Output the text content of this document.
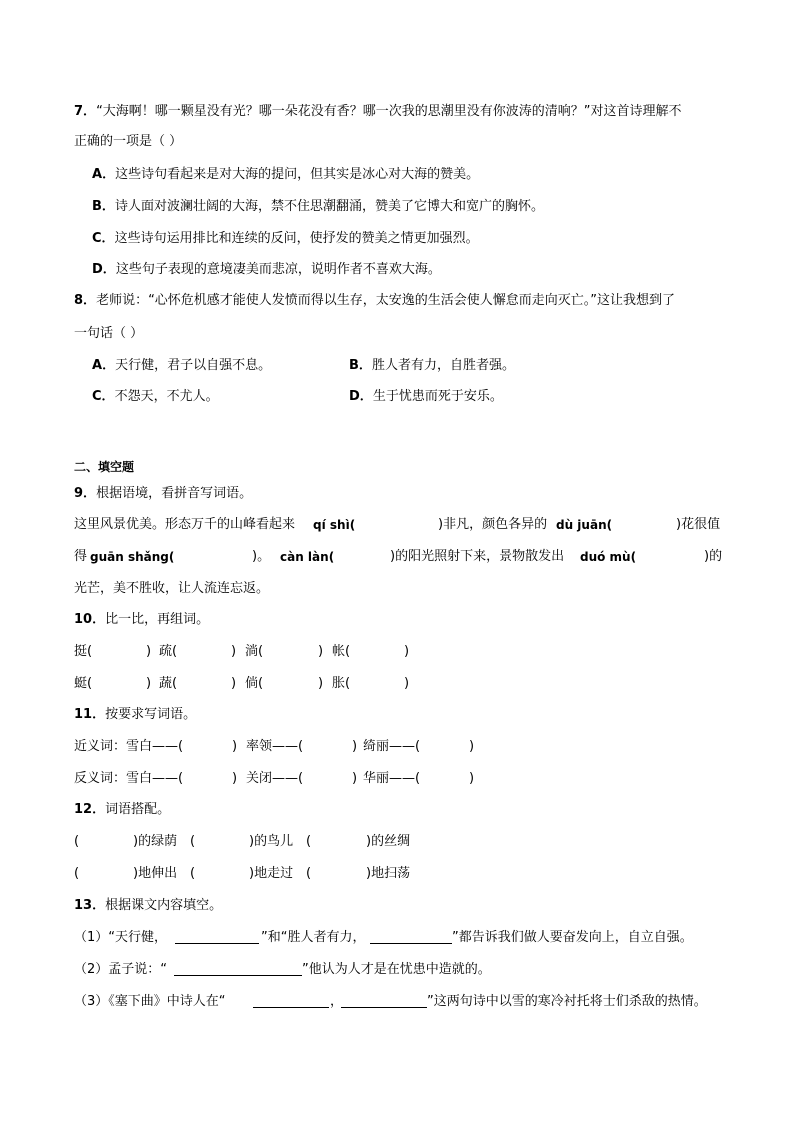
7．“大海啊！哪一颗星没有光？哪一朵花没有香？哪一次我的思潮里没有你波涛的清响？”对这首诗理解不
正确的一项是（ ）
A．这些诗句看起来是对大海的提问，但其实是冰心对大海的赞美。
B．诗人面对波澜壮阔的大海，禁不住思潮翻涌，赞美了它博大和宽广的胸怀。
C．这些诗句运用排比和连续的反问，使抒发的赞美之情更加强烈。
D．这些句子表现的意境凄美而悲凉，说明作者不喜欢大海。
8．老师说：“心怀危机感才能使人发愤而得以生存，太安逸的生活会使人懈怠而走向灭亡。”这让我想到了
一句话（ ）
A．天行健，君子以自强不息。	B．胜人者有力，自胜者强。
C．不怨天，不尤人。	D．生于忧患而死于安乐。
二、填空题
9．根据语境，看拼音写词语。
这里风景优美。形态万千的山峰看起来 qí shì(	)非凡，颜色各异的 dù juān(	)花很值
得 guān shǎng(	)。 càn làn(	)的阳光照射下来，景物散发出 duó mù(	)的
光芒，美不胜收，让人流连忘返。
10．比一比，再组词。
挺(	) 疏(	) 淌(	) 帐(	)
蜓(	) 蔬(	) 倘(	) 胀(	)
11．按要求写词语。
近义词：雪白——(	) 率领——(	) 绮丽——(	)
反义词：雪白——(	) 关闭——(	) 华丽——(	)
12．词语搭配。
(	)的绿荫 (	)的鸟儿 (	)的丝绸
(	)地伸出 (	)地走过 (	)地扫荡
13．根据课文内容填空。
（1）“天行健，	”和“胜人者有力，	”都告诉我们做人要奋发向上，自立自强。
（2）孟子说：“	”他认为人才是在忧患中造就的。
（3）《塞下曲》中诗人在“	，	”这两句诗中以雪的寒冷衬托将士们杀敌的热情。
